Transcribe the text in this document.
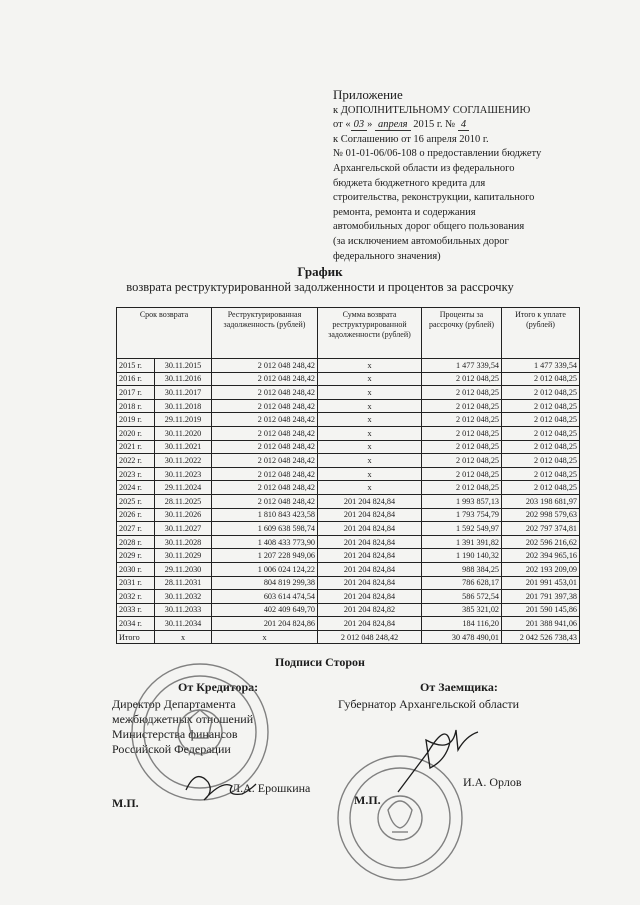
Приложение
к ДОПОЛНИТЕЛЬНОМУ СОГЛАШЕНИЮ
от « 03 » апреля 2015 г. № 4
к Соглашению от 16 апреля 2010 г.
№ 01-01-06/06-108 о предоставлении бюджету
Архангельской области из федерального
бюджета бюджетного кредита для
строительства, реконструкции, капитального
ремонта, ремонта и содержания
автомобильных дорог общего пользования
(за исключением автомобильных дорог
федерального значения)
График
возврата реструктурированной задолженности и процентов за рассрочку
Срок возврата		Реструктурированная задолженность (рублей)	Сумма возврата реструктурированной задолженности (рублей)	Проценты за рассрочку (рублей)	Итого к уплате (рублей)
2015 г.	30.11.2015	2 012 048 248,42	x	1 477 339,54	1 477 339,54
2016 г.	30.11.2016	2 012 048 248,42	x	2 012 048,25	2 012 048,25
2017 г.	30.11.2017	2 012 048 248,42	x	2 012 048,25	2 012 048,25
2018 г.	30.11.2018	2 012 048 248,42	x	2 012 048,25	2 012 048,25
2019 г.	29.11.2019	2 012 048 248,42	x	2 012 048,25	2 012 048,25
2020 г.	30.11.2020	2 012 048 248,42	x	2 012 048,25	2 012 048,25
2021 г.	30.11.2021	2 012 048 248,42	x	2 012 048,25	2 012 048,25
2022 г.	30.11.2022	2 012 048 248,42	x	2 012 048,25	2 012 048,25
2023 г.	30.11.2023	2 012 048 248,42	x	2 012 048,25	2 012 048,25
2024 г.	29.11.2024	2 012 048 248,42	x	2 012 048,25	2 012 048,25
2025 г.	28.11.2025	2 012 048 248,42	201 204 824,84	1 993 857,13	203 198 681,97
2026 г.	30.11.2026	1 810 843 423,58	201 204 824,84	1 793 754,79	202 998 579,63
2027 г.	30.11.2027	1 609 638 598,74	201 204 824,84	1 592 549,97	202 797 374,81
2028 г.	30.11.2028	1 408 433 773,90	201 204 824,84	1 391 391,82	202 596 216,62
2029 г.	30.11.2029	1 207 228 949,06	201 204 824,84	1 190 140,32	202 394 965,16
2030 г.	29.11.2030	1 006 024 124,22	201 204 824,84	988 384,25	202 193 209,09
2031 г.	28.11.2031	804 819 299,38	201 204 824,84	786 628,17	201 991 453,01
2032 г.	30.11.2032	603 614 474,54	201 204 824,84	586 572,54	201 791 397,38
2033 г.	30.11.2033	402 409 649,70	201 204 824,82	385 321,02	201 590 145,86
2034 г.	30.11.2034	201 204 824,86	201 204 824,84	184 116,20	201 388 941,06
Итого	x	x	2 012 048 248,42	30 478 490,01	2 042 526 738,43
Подписи Сторон
От Кредитора:	От Заемщика:
Директор Департамента
межбюджетных отношений
Министерства финансов
Российской Федерации
Губернатор Архангельской области
Л.А. Ерошкина	И.А. Орлов
М.П.	М.П.
